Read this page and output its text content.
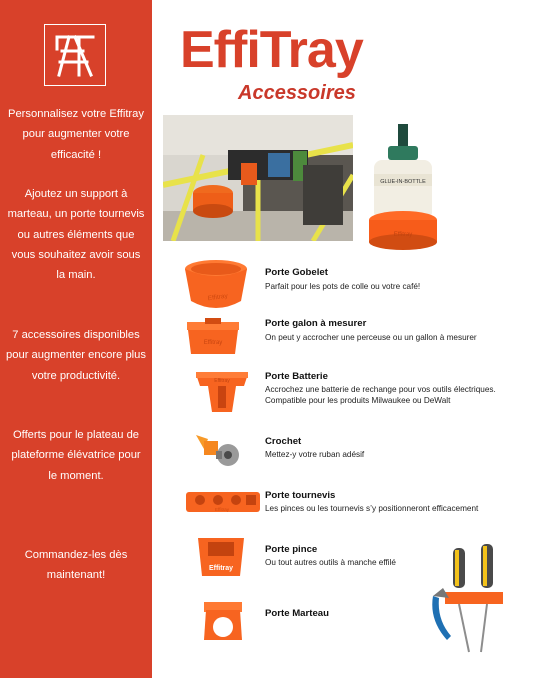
Personnalisez votre Effitray pour augmenter votre efficacité !

Ajoutez un support à marteau, un porte tournevis ou autres éléments que vous souhaitez avoir sous la main.

7 accessoires disponibles pour augmenter encore plus votre productivité.

Offerts pour le plateau de plateforme élévatrice pour le moment.

Commandez-les dès maintenant!

EffiTray
Accessoires
GLUE-IN-BOTTLE
Effitray
Effitray

Porte Gobelet

Parfait pour les pots de colle ou votre café!

Effitray

Porte galon à mesurer

On peut y accrocher une perceuse ou un gallon à mesurer

Effitray	Porte Batterie

Accrochez une batterie de rechange pour vos outils électriques.

Compatible pour les produits Milwaukee ou DeWalt

Crochet

Mettez-y votre ruban adésif

Effitray

Porte tournevis

Les pinces ou les tournevis s’y positionneront efficacement

Effitray

Porte pince

Ou tout autres outils à manche effilé

Porte Marteau
